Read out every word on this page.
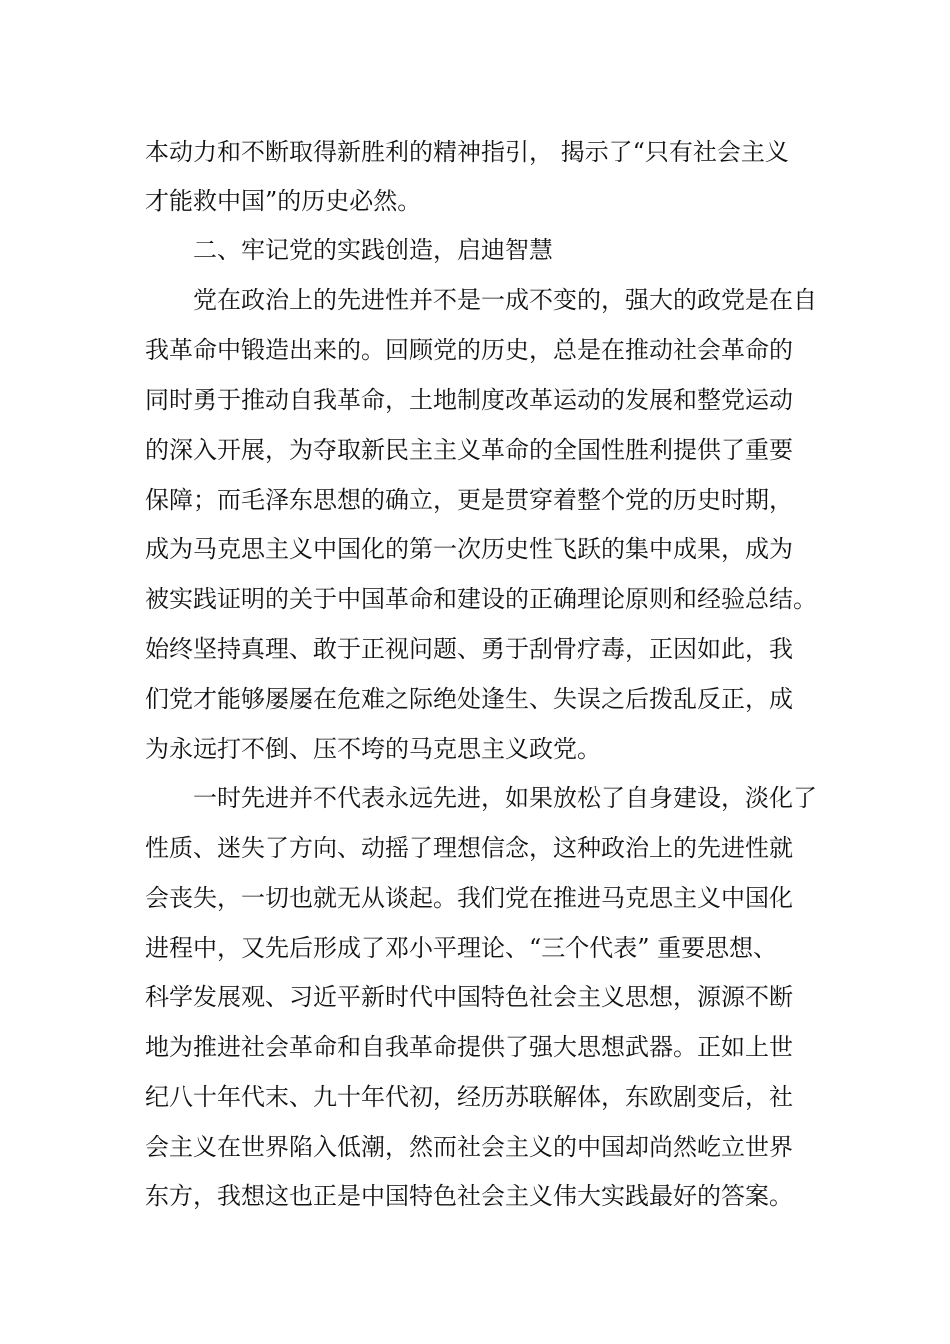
本动力和不断取得新胜利的精神指引， 揭示了“只有社会主义

才能救中国”的历史必然。

二、牢记党的实践创造，启迪智慧

党在政治上的先进性并不是一成不变的，强大的政党是在自

我革命中锻造出来的。回顾党的历史，总是在推动社会革命的

同时勇于推动自我革命，土地制度改革运动的发展和整党运动

的深入开展，为夺取新民主主义革命的全国性胜利提供了重要

保障；而毛泽东思想的确立，更是贯穿着整个党的历史时期，

成为马克思主义中国化的第一次历史性飞跃的集中成果，成为

被实践证明的关于中国革命和建设的正确理论原则和经验总结。

始终坚持真理、敢于正视问题、勇于刮骨疗毒，正因如此，我

们党才能够屡屡在危难之际绝处逢生、失误之后拨乱反正，成

为永远打不倒、压不垮的马克思主义政党。

一时先进并不代表永远先进，如果放松了自身建设，淡化了

性质、迷失了方向、动摇了理想信念，这种政治上的先进性就

会丧失，一切也就无从谈起。我们党在推进马克思主义中国化

进程中，又先后形成了邓小平理论、“三个代表” 重要思想、

科学发展观、习近平新时代中国特色社会主义思想，源源不断

地为推进社会革命和自我革命提供了强大思想武器。正如上世

纪八十年代末、九十年代初，经历苏联解体，东欧剧变后，社

会主义在世界陷入低潮，然而社会主义的中国却尚然屹立世界

东方，我想这也正是中国特色社会主义伟大实践最好的答案。
